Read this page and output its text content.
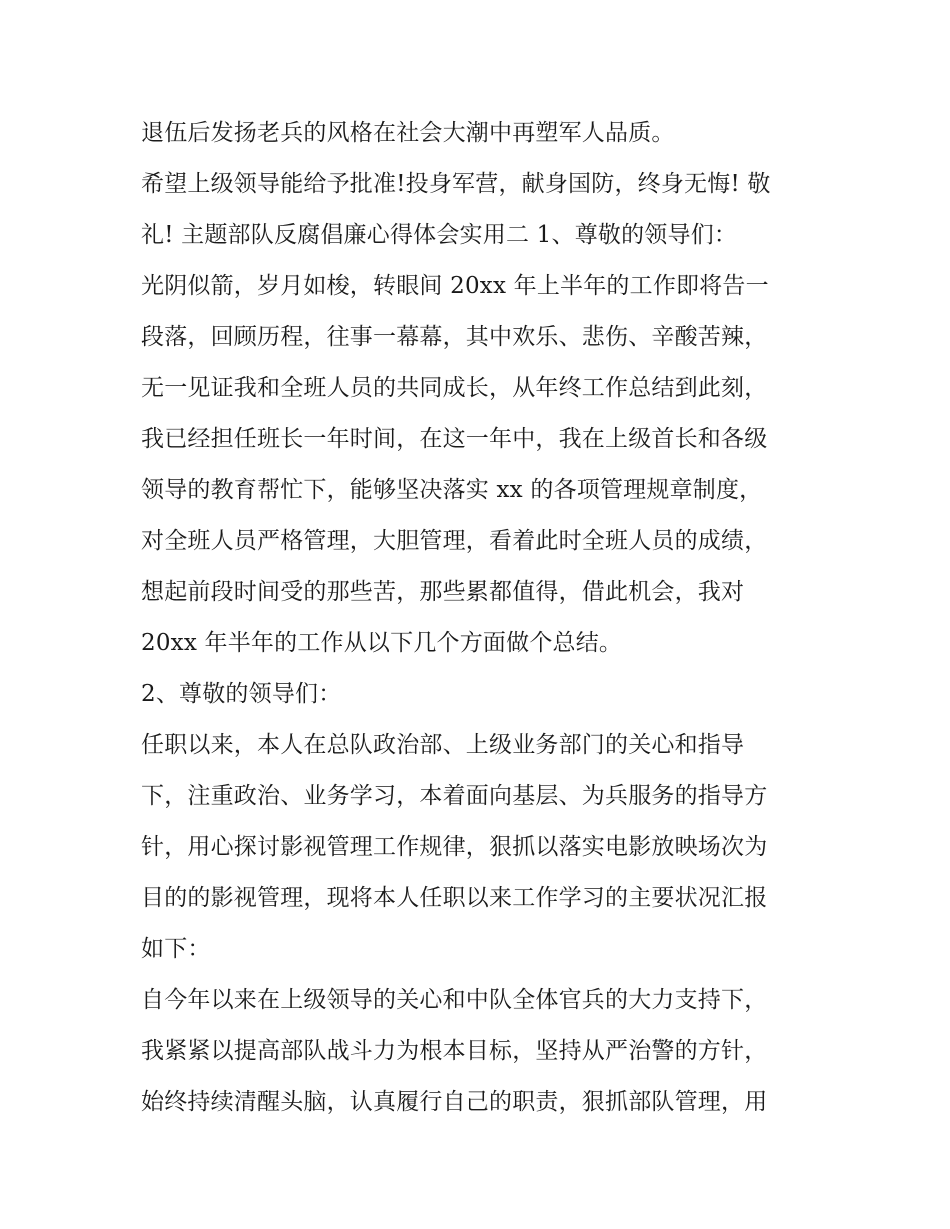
退伍后发扬老兵的风格在社会大潮中再塑军人品质。
希望上级领导能给予批准!投身军营，献身国防，终身无悔! 敬
礼! 主题部队反腐倡廉心得体会实用二 1、尊敬的领导们：
光阴似箭，岁月如梭，转眼间 20xx 年上半年的工作即将告一
段落，回顾历程，往事一幕幕，其中欢乐、悲伤、辛酸苦辣，
无一见证我和全班人员的共同成长，从年终工作总结到此刻，
我已经担任班长一年时间，在这一年中，我在上级首长和各级
领导的教育帮忙下，能够坚决落实 xx 的各项管理规章制度，
对全班人员严格管理，大胆管理，看着此时全班人员的成绩，
想起前段时间受的那些苦，那些累都值得，借此机会，我对
20xx 年半年的工作从以下几个方面做个总结。
2、尊敬的领导们：
任职以来，本人在总队政治部、上级业务部门的关心和指导
下，注重政治、业务学习，本着面向基层、为兵服务的指导方
针，用心探讨影视管理工作规律，狠抓以落实电影放映场次为
目的的影视管理，现将本人任职以来工作学习的主要状况汇报
如下：
自今年以来在上级领导的关心和中队全体官兵的大力支持下，
我紧紧以提高部队战斗力为根本目标，坚持从严治警的方针，
始终持续清醒头脑，认真履行自己的职责，狠抓部队管理，用
